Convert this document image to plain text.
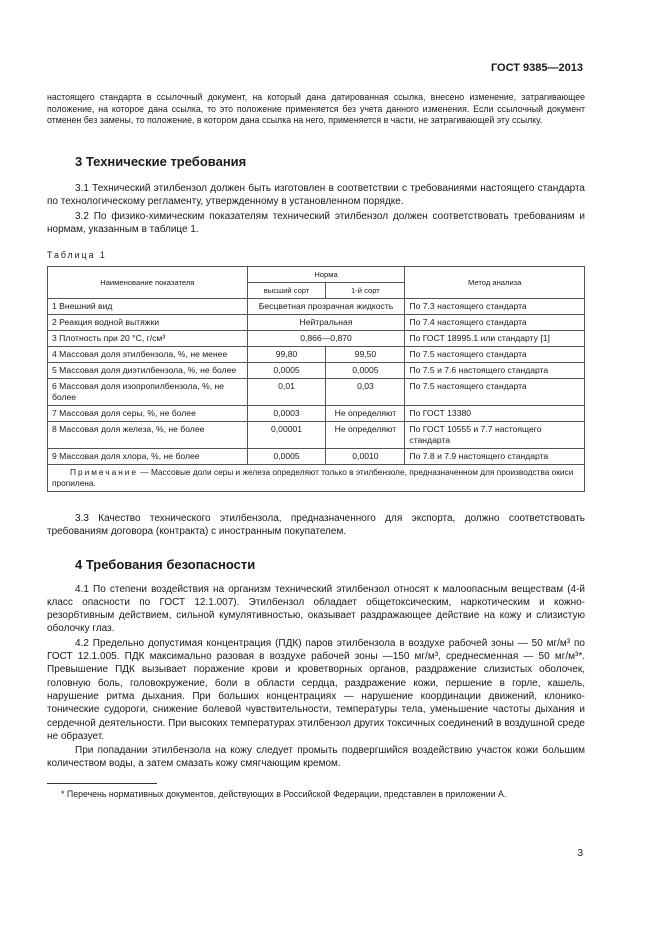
ГОСТ 9385—2013

настоящего стандарта в ссылочный документ, на который дана датированная ссылка, внесено изменение, затрагивающее положение, на которое дана ссылка, то это положение применяется без учета данного изменения. Если ссылочный документ отменен без замены, то положение, в котором дана ссылка на него, применяется в части, не затрагивающей эту ссылку.

3 Технические требования

3.1 Технический этилбензол должен быть изготовлен в соответствии с требованиями настоящего стандарта по технологическому регламенту, утвержденному в установленном порядке.

3.2 По физико-химическим показателям технический этилбензол должен соответствовать требованиям и нормам, указанным в таблице 1.

Таблица 1

Наименование показателя	Норма		Метод анализа
	высший сорт	1-й сорт	
1 Внешний вид	Бесцветная прозрачная жидкость		По 7.3 настоящего стандарта
2 Реакция водной вытяжки	Нейтральная		По 7.4 настоящего стандарта
3 Плотность при 20 °С, г/см³	0,866—0,870		По ГОСТ 18995.1 или стандарту [1]
4 Массовая доля этилбензола, %, не менее	99,80	99,50	По 7.5 настоящего стандарта
5 Массовая доля диэтилбензола, %, не более	0,0005	0,0005	По 7.5 и 7.6 настоящего стандарта
6 Массовая доля изопропилбензола, %, не более	0,01	0,03	По 7.5 настоящего стандарта
7 Массовая доля серы, %, не более	0,0003	Не определяют	По ГОСТ 13380
8 Массовая доля железа, %, не более	0,00001	Не определяют	По ГОСТ 10555 и 7.7 настоящего стандарта
9 Массовая доля хлора, %, не более	0,0005	0,0010	По 7.8 и 7.9 настоящего стандарта
Примечание — Массовые доли серы и железа определяют только в этилбензоле, предназначенном для производства окиси пропилена.			

3.3 Качество технического этилбензола, предназначенного для экспорта, должно соответствовать требованиям договора (контракта) с иностранным покупателем.

4 Требования безопасности

4.1 По степени воздействия на организм технический этилбензол относят к малоопасным веществам (4-й класс опасности по ГОСТ 12.1.007). Этилбензол обладает общетоксическим, наркотическим и кожно-резорбтивным действием, сильной кумулятивностью, оказывает раздражающее действие на кожу и слизистую оболочку глаз.

4.2 Предельно допустимая концентрация (ПДК) паров этилбензола в воздухе рабочей зоны — 50 мг/м³ по ГОСТ 12.1.005. ПДК максимально разовая в воздухе рабочей зоны —150 мг/м³, среднесменная — 50 мг/м³*. Превышение ПДК вызывает поражение крови и кроветворных органов, раздражение слизистых оболочек, головную боль, головокружение, боли в области сердца, раздражение кожи, першение в горле, кашель, нарушение ритма дыхания. При больших концентрациях — нарушение координации движений, клонико-тонические судороги, снижение болевой чувствительности, температуры тела, уменьшение частоты дыхания и сердечной деятельности. При высоких температурах этилбензол других токсичных соединений в воздушной среде не образует.

При попадании этилбензола на кожу следует промыть подвергшийся воздействию участок кожи большим количеством воды, а затем смазать кожу смягчающим кремом.

* Перечень нормативных документов, действующих в Российской Федерации, представлен в приложении А.

3
